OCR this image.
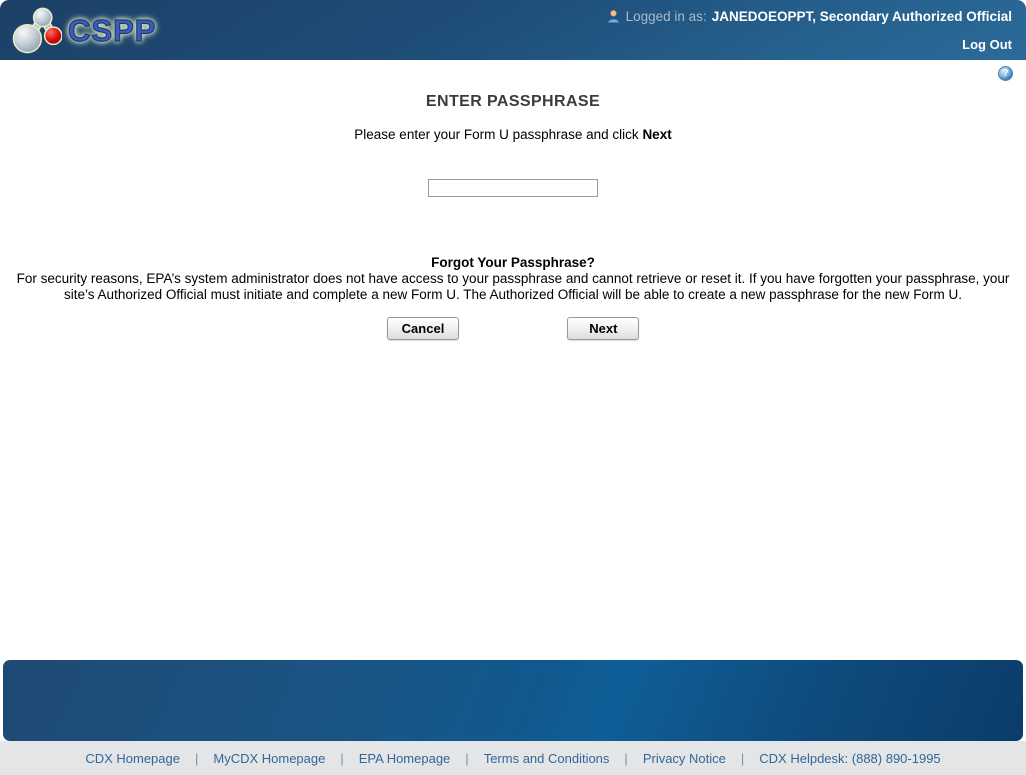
CSPP	Logged in as: JANEDOEOPPT, Secondary Authorized Official
Log Out
?
ENTER PASSPHRASE
Please enter your Form U passphrase and click Next
Forgot Your Passphrase?
For security reasons, EPA’s system administrator does not have access to your passphrase and cannot retrieve or reset it. If you have forgotten your passphrase, your site’s Authorized Official must initiate and complete a new Form U. The Authorized Official will be able to create a new passphrase for the new Form U.
Cancel	Next
CDX Homepage | MyCDX Homepage | EPA Homepage | Terms and Conditions | Privacy Notice | CDX Helpdesk: (888) 890-1995
